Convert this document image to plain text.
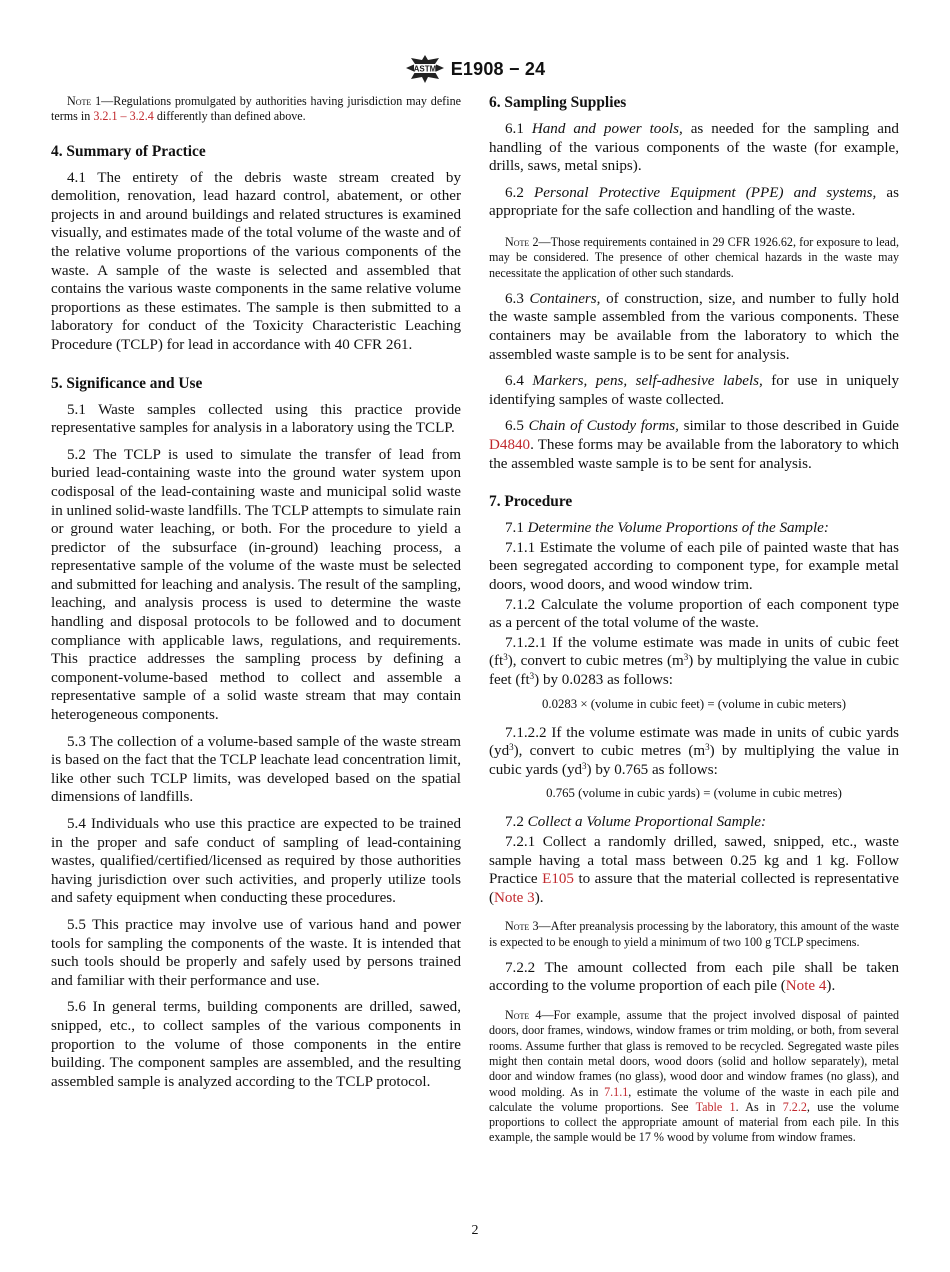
ASTM E1908 − 24

Note 1—Regulations promulgated by authorities having jurisdiction may define terms in 3.2.1 – 3.2.4 differently than defined above.

4. Summary of Practice

4.1 The entirety of the debris waste stream created by demolition, renovation, lead hazard control, abatement, or other projects in and around buildings and related structures is examined visually, and estimates made of the total volume of the waste and of the relative volume proportions of the various components of the waste. A sample of the waste is selected and assembled that contains the various waste components in the same relative volume proportions as these estimates. The sample is then submitted to a laboratory for conduct of the Toxicity Characteristic Leaching Procedure (TCLP) for lead in accordance with 40 CFR 261.

5. Significance and Use

5.1 Waste samples collected using this practice provide representative samples for analysis in a laboratory using the TCLP.

5.2 The TCLP is used to simulate the transfer of lead from buried lead-containing waste into the ground water system upon codisposal of the lead-containing waste and municipal solid waste in unlined solid-waste landfills. The TCLP attempts to simulate rain or ground water leaching, or both. For the procedure to yield a predictor of the subsurface (in-ground) leaching process, a representative sample of the volume of the waste must be selected and submitted for leaching and analysis. The result of the sampling, leaching, and analysis process is used to determine the waste handling and disposal protocols to be followed and to document compliance with applicable laws, regulations, and requirements. This practice addresses the sampling process by defining a component-volume-based method to collect and assemble a representative sample of a solid waste stream that may contain heterogeneous components.

5.3 The collection of a volume-based sample of the waste stream is based on the fact that the TCLP leachate lead concentration limit, like other such TCLP limits, was developed based on the spatial dimensions of landfills.

5.4 Individuals who use this practice are expected to be trained in the proper and safe conduct of sampling of lead-containing wastes, qualified/certified/licensed as required by those authorities having jurisdiction over such activities, and properly utilize tools and safety equipment when conducting these procedures.

5.5 This practice may involve use of various hand and power tools for sampling the components of the waste. It is intended that such tools should be properly and safely used by persons trained and familiar with their performance and use.

5.6 In general terms, building components are drilled, sawed, snipped, etc., to collect samples of the various components in proportion to the volume of those components in the entire building. The component samples are assembled, and the resulting assembled sample is analyzed according to the TCLP protocol.

6. Sampling Supplies

6.1 Hand and power tools, as needed for the sampling and handling of the various components of the waste (for example, drills, saws, metal snips).

6.2 Personal Protective Equipment (PPE) and systems, as appropriate for the safe collection and handling of the waste.

Note 2—Those requirements contained in 29 CFR 1926.62, for exposure to lead, may be considered. The presence of other chemical hazards in the waste may necessitate the application of other such standards.

6.3 Containers, of construction, size, and number to fully hold the waste sample assembled from the various components. These containers may be available from the laboratory to which the assembled waste sample is to be sent for analysis.

6.4 Markers, pens, self-adhesive labels, for use in uniquely identifying samples of waste collected.

6.5 Chain of Custody forms, similar to those described in Guide D4840. These forms may be available from the laboratory to which the assembled waste sample is to be sent for analysis.

7. Procedure

7.1 Determine the Volume Proportions of the Sample:

7.1.1 Estimate the volume of each pile of painted waste that has been segregated according to component type, for example metal doors, wood doors, and wood window trim.

7.1.2 Calculate the volume proportion of each component type as a percent of the total volume of the waste.

7.1.2.1 If the volume estimate was made in units of cubic feet $(ft^3)$, convert to cubic metres $(m^3)$ by multiplying the value in cubic feet $(ft^3)$ by 0.0283 as follows:

0.0283 × (volume in cubic feet) = (volume in cubic meters)

7.1.2.2 If the volume estimate was made in units of cubic yards $(yd^3)$, convert to cubic metres $(m^3)$ by multiplying the value in cubic yards $(yd^3)$ by 0.765 as follows:

0.765 (volume in cubic yards) = (volume in cubic metres)

7.2 Collect a Volume Proportional Sample:

7.2.1 Collect a randomly drilled, sawed, snipped, etc., waste sample having a total mass between 0.25 kg and 1 kg. Follow Practice E105 to assure that the material collected is representative (Note 3).

Note 3—After preanalysis processing by the laboratory, this amount of the waste is expected to be enough to yield a minimum of two 100 g TCLP specimens.

7.2.2 The amount collected from each pile shall be taken according to the volume proportion of each pile (Note 4).

Note 4—For example, assume that the project involved disposal of painted doors, door frames, windows, window frames or trim molding, or both, from several rooms. Assume further that glass is removed to be recycled. Segregated waste piles might then contain metal doors, wood doors (solid and hollow separately), metal door and window frames (no glass), wood door and window frames (no glass), and wood molding. As in 7.1.1, estimate the volume of the waste in each pile and calculate the volume proportions. See Table 1. As in 7.2.2, use the volume proportions to collect the appropriate amount of material from each pile. In this example, the sample would be 17 % wood by volume from window frames.

2
